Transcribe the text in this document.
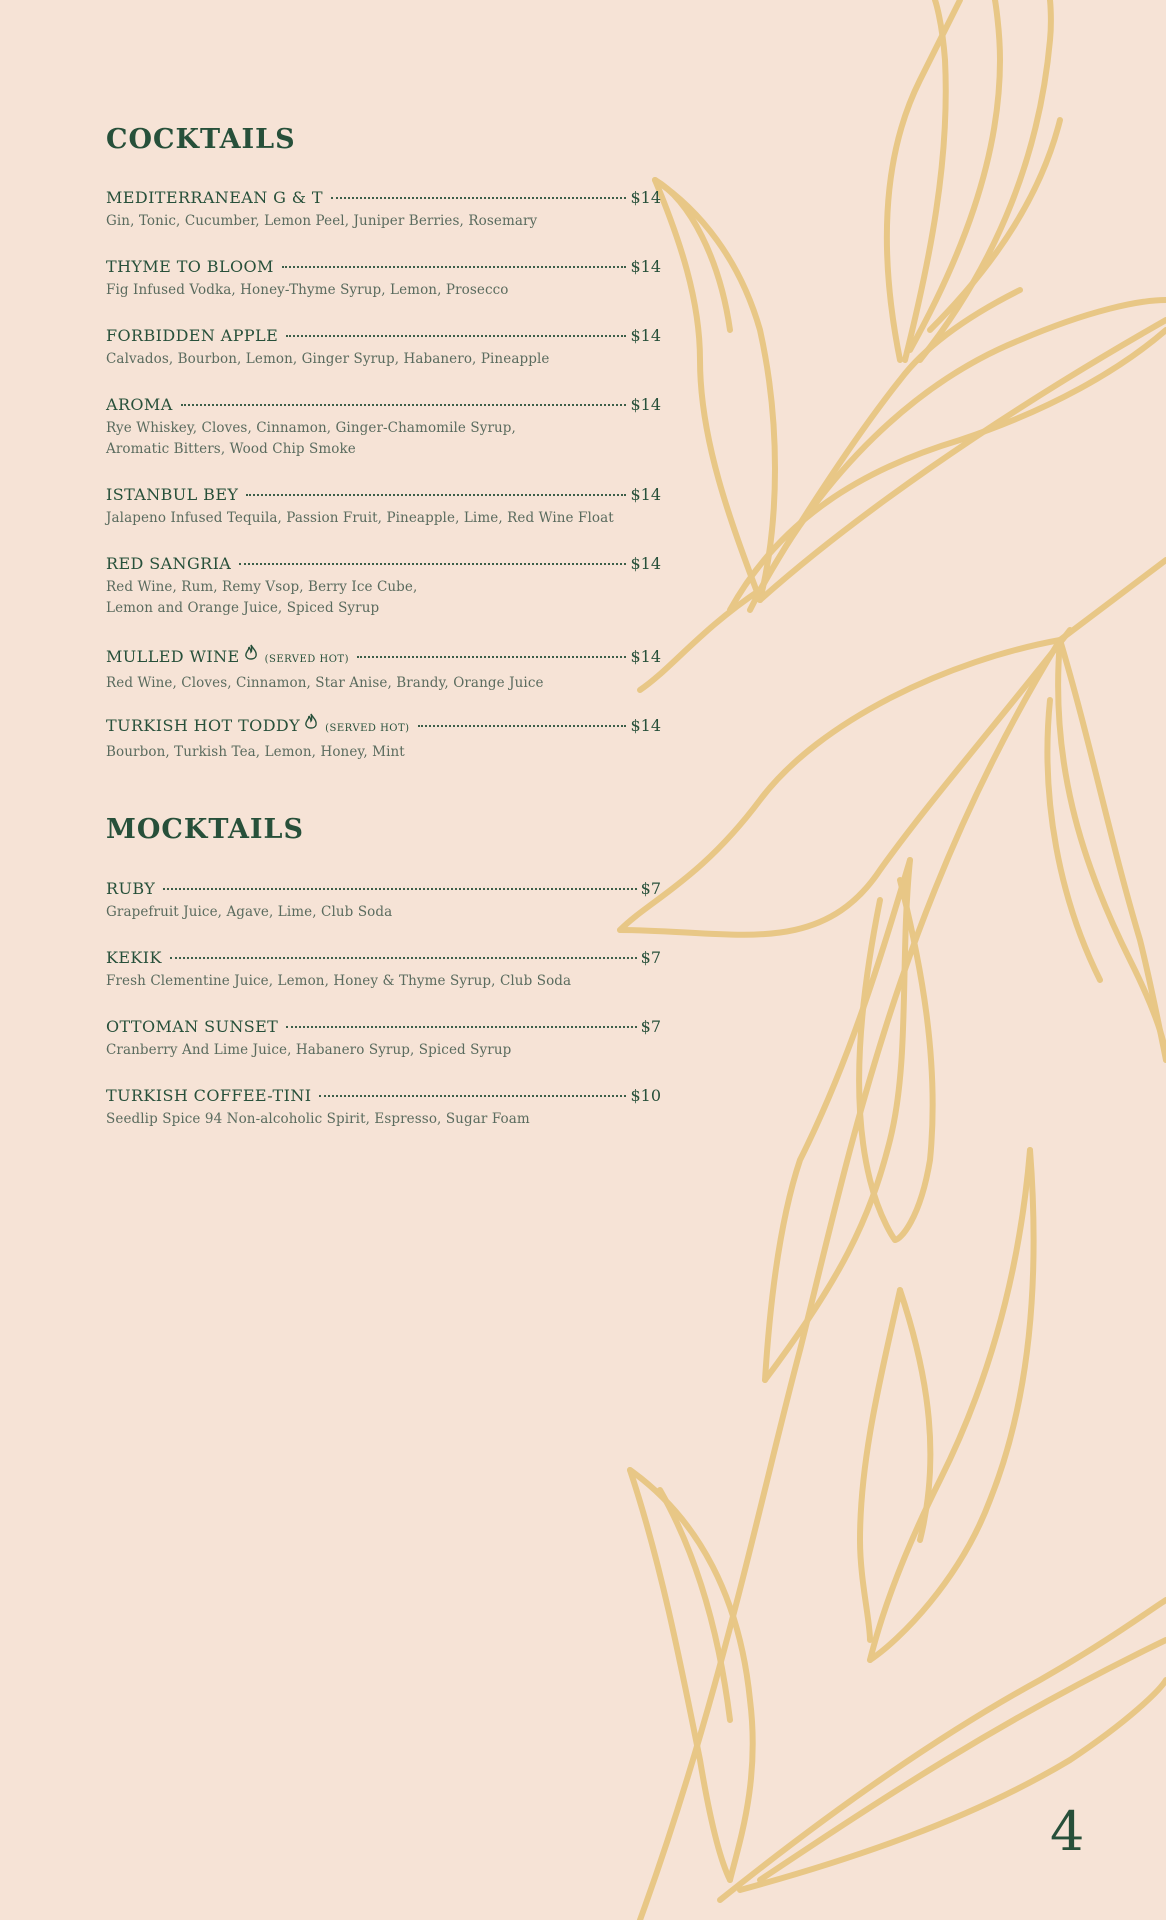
COCKTAILS
MEDITERRANEAN G & T	$14
Gin, Tonic, Cucumber, Lemon Peel, Juniper Berries, Rosemary
THYME TO BLOOM	$14
Fig Infused Vodka, Honey-Thyme Syrup, Lemon, Prosecco
FORBIDDEN APPLE	$14
Calvados, Bourbon, Lemon, Ginger Syrup, Habanero, Pineapple
AROMA	$14
Rye Whiskey, Cloves, Cinnamon, Ginger-Chamomile Syrup,
Aromatic Bitters, Wood Chip Smoke
ISTANBUL BEY	$14
Jalapeno Infused Tequila, Passion Fruit, Pineapple, Lime, Red Wine Float
RED SANGRIA	$14
Red Wine, Rum, Remy Vsop, Berry Ice Cube,
Lemon and Orange Juice, Spiced Syrup
MULLED WINE	(SERVED HOT)	$14
Red Wine, Cloves, Cinnamon, Star Anise, Brandy, Orange Juice
TURKISH HOT TODDY	(SERVED HOT)	$14
Bourbon, Turkish Tea, Lemon, Honey, Mint
MOCKTAILS
RUBY	$7
Grapefruit Juice, Agave, Lime, Club Soda
KEKIK	$7
Fresh Clementine Juice, Lemon, Honey & Thyme Syrup, Club Soda
OTTOMAN SUNSET	$7
Cranberry And Lime Juice, Habanero Syrup, Spiced Syrup
TURKISH COFFEE-TINI	$10
Seedlip Spice 94 Non-alcoholic Spirit, Espresso, Sugar Foam
4
